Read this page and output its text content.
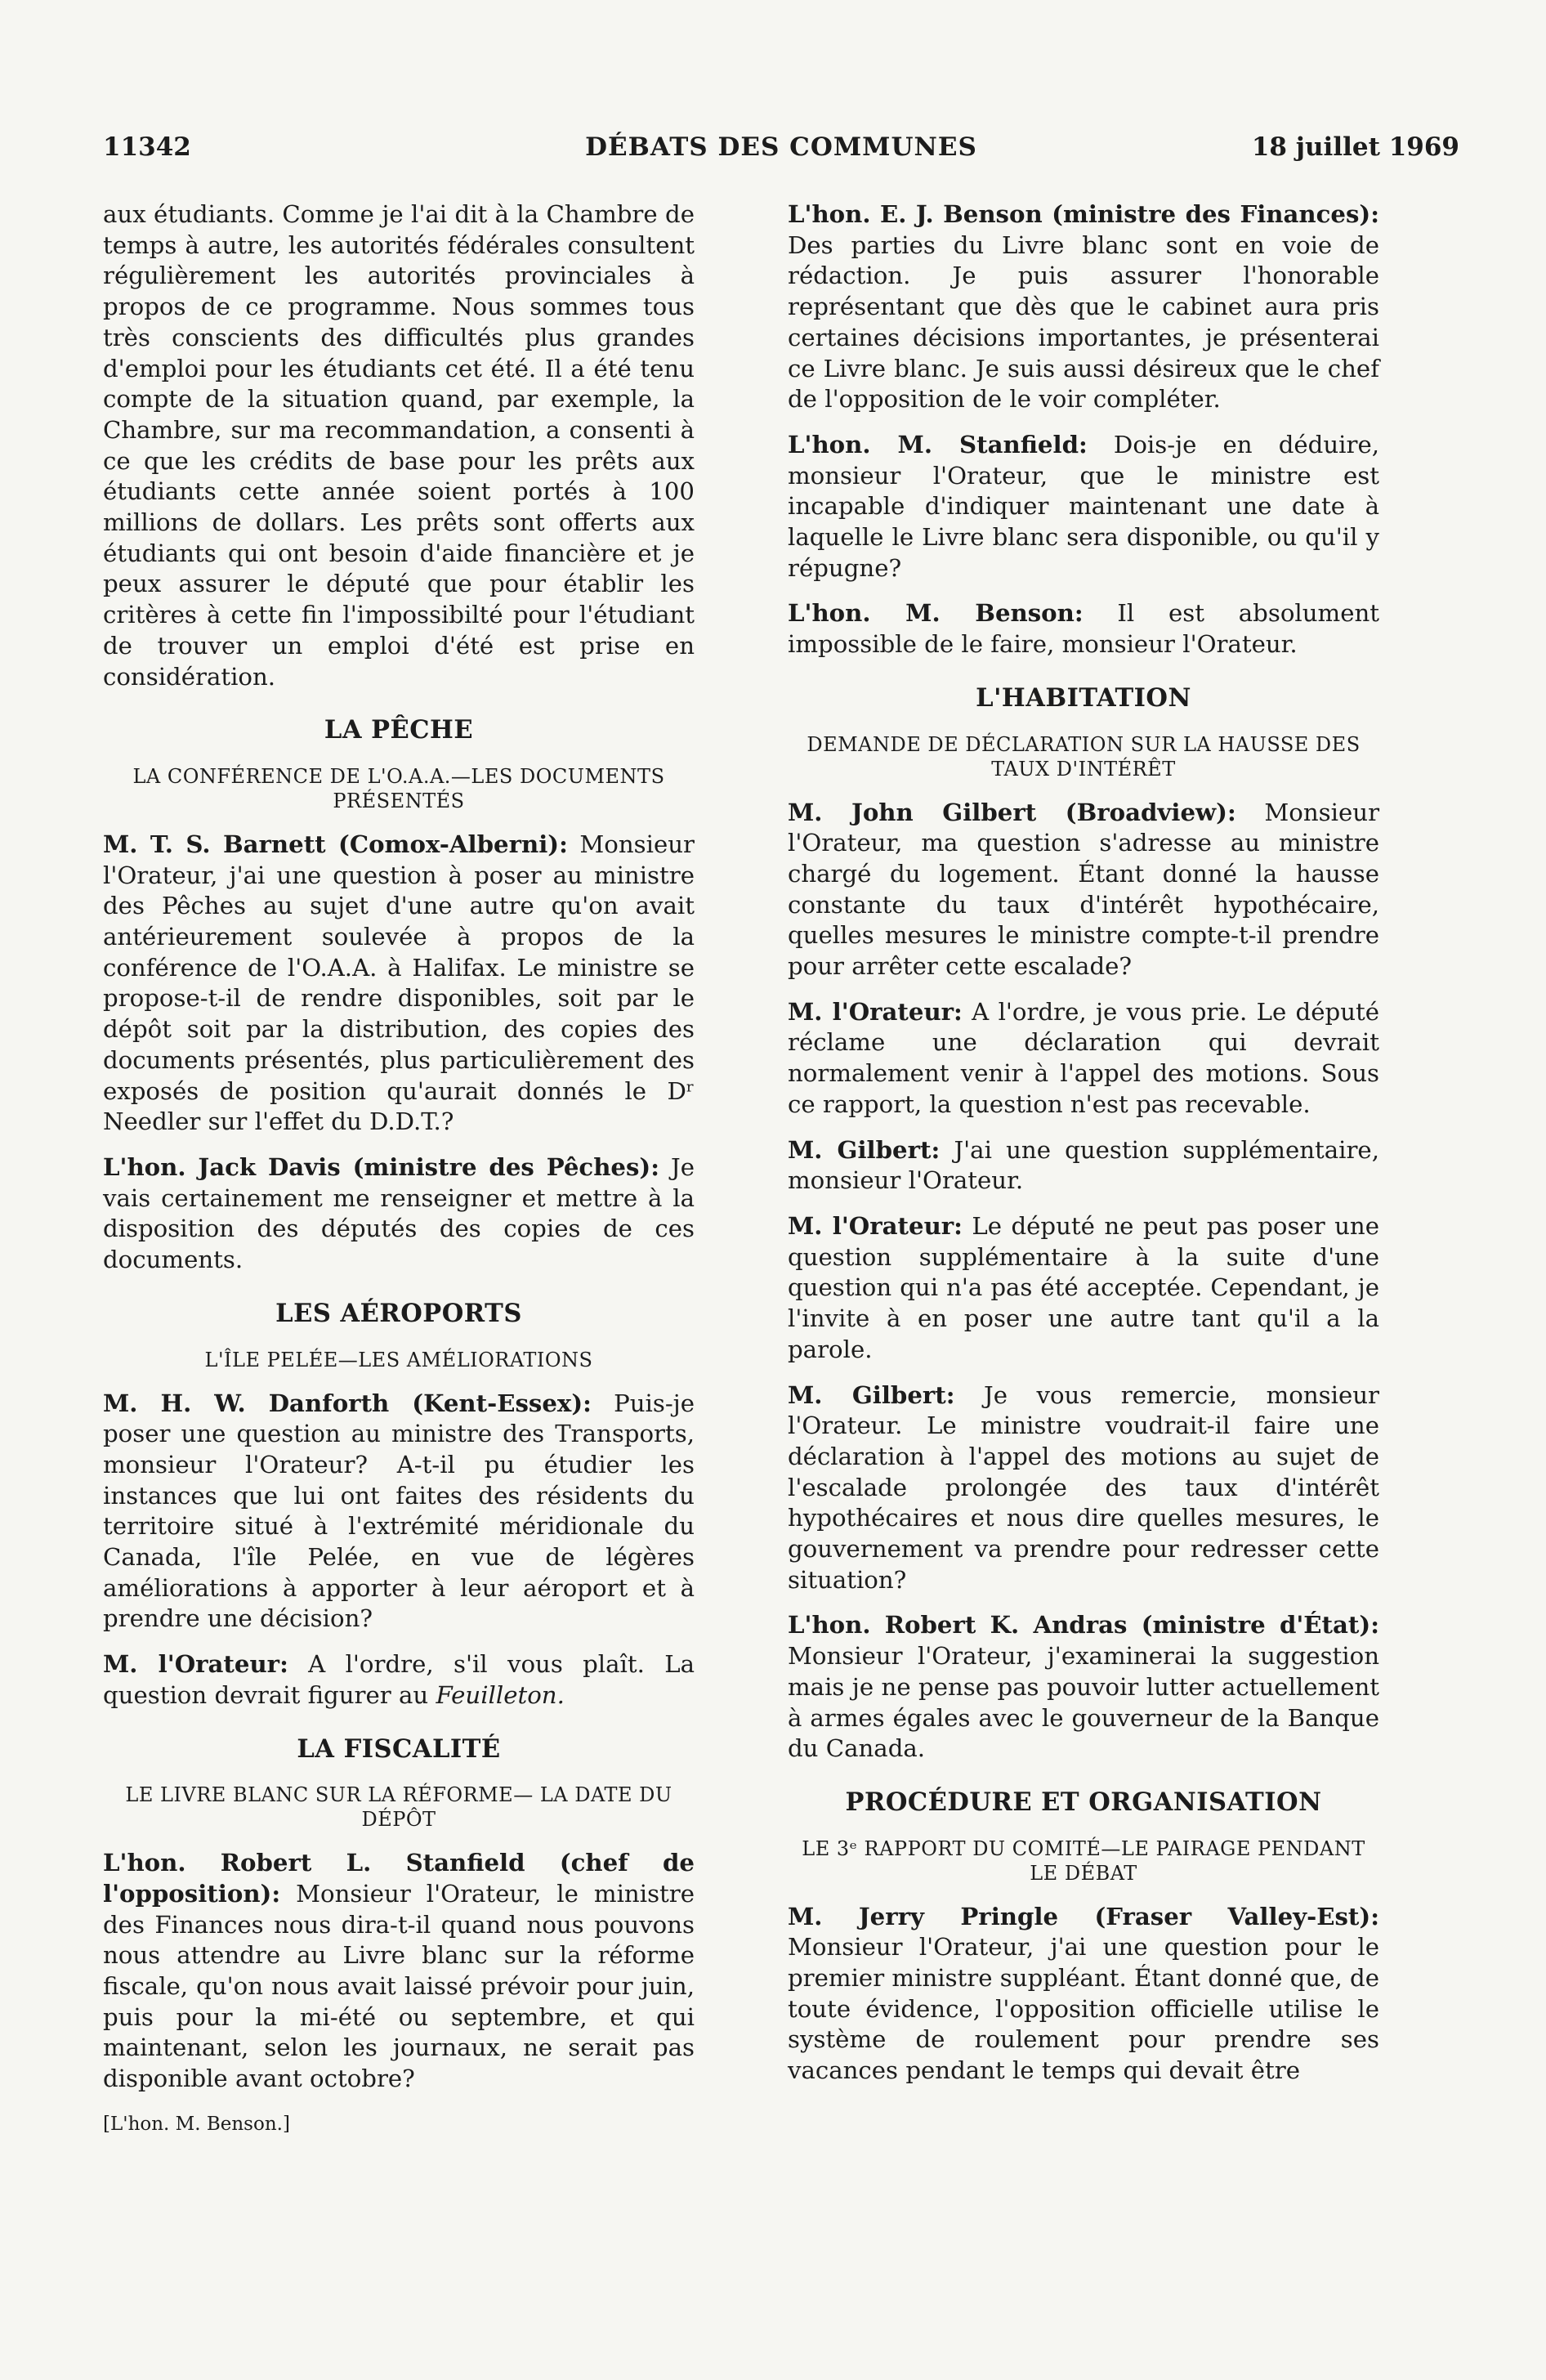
11342	DÉBATS DES COMMUNES	18 juillet 1969

aux étudiants. Comme je l'ai dit à la Chambre de temps à autre, les autorités fédérales consultent régulièrement les autorités provinciales à propos de ce programme. Nous sommes tous très conscients des difficultés plus grandes d'emploi pour les étudiants cet été. Il a été tenu compte de la situation quand, par exemple, la Chambre, sur ma recommandation, a consenti à ce que les crédits de base pour les prêts aux étudiants cette année soient portés à 100 millions de dollars. Les prêts sont offerts aux étudiants qui ont besoin d'aide financière et je peux assurer le député que pour établir les critères à cette fin l'impossibilté pour l'étudiant de trouver un emploi d'été est prise en considération.

LA PÊCHE
LA CONFÉRENCE DE L'O.A.A.—LES DOCUMENTS PRÉSENTÉS

M. T. S. Barnett (Comox-Alberni): Monsieur l'Orateur, j'ai une question à poser au ministre des Pêches au sujet d'une autre qu'on avait antérieurement soulevée à propos de la conférence de l'O.A.A. à Halifax. Le ministre se propose-t-il de rendre disponibles, soit par le dépôt soit par la distribution, des copies des documents présentés, plus particulièrement des exposés de position qu'aurait donnés le Dʳ Needler sur l'effet du D.D.T.?

L'hon. Jack Davis (ministre des Pêches): Je vais certainement me renseigner et mettre à la disposition des députés des copies de ces documents.

LES AÉROPORTS
L'ÎLE PELÉE—LES AMÉLIORATIONS

M. H. W. Danforth (Kent-Essex): Puis-je poser une question au ministre des Transports, monsieur l'Orateur? A-t-il pu étudier les instances que lui ont faites des résidents du territoire situé à l'extrémité méridionale du Canada, l'île Pelée, en vue de légères améliorations à apporter à leur aéroport et à prendre une décision?

M. l'Orateur: A l'ordre, s'il vous plaît. La question devrait figurer au Feuilleton.

LA FISCALITÉ
LE LIVRE BLANC SUR LA RÉFORME— LA DATE DU DÉPÔT

L'hon. Robert L. Stanfield (chef de l'opposition): Monsieur l'Orateur, le ministre des Finances nous dira-t-il quand nous pouvons nous attendre au Livre blanc sur la réforme fiscale, qu'on nous avait laissé prévoir pour juin, puis pour la mi-été ou septembre, et qui maintenant, selon les journaux, ne serait pas disponible avant octobre?

[L'hon. M. Benson.]

L'hon. E. J. Benson (ministre des Finances): Des parties du Livre blanc sont en voie de rédaction. Je puis assurer l'honorable représentant que dès que le cabinet aura pris certaines décisions importantes, je présenterai ce Livre blanc. Je suis aussi désireux que le chef de l'opposition de le voir compléter.

L'hon. M. Stanfield: Dois-je en déduire, monsieur l'Orateur, que le ministre est incapable d'indiquer maintenant une date à laquelle le Livre blanc sera disponible, ou qu'il y répugne?

L'hon. M. Benson: Il est absolument impossible de le faire, monsieur l'Orateur.

L'HABITATION
DEMANDE DE DÉCLARATION SUR LA HAUSSE DES TAUX D'INTÉRÊT

M. John Gilbert (Broadview): Monsieur l'Orateur, ma question s'adresse au ministre chargé du logement. Étant donné la hausse constante du taux d'intérêt hypothécaire, quelles mesures le ministre compte-t-il prendre pour arrêter cette escalade?

M. l'Orateur: A l'ordre, je vous prie. Le député réclame une déclaration qui devrait normalement venir à l'appel des motions. Sous ce rapport, la question n'est pas recevable.

M. Gilbert: J'ai une question supplémentaire, monsieur l'Orateur.

M. l'Orateur: Le député ne peut pas poser une question supplémentaire à la suite d'une question qui n'a pas été acceptée. Cependant, je l'invite à en poser une autre tant qu'il a la parole.

M. Gilbert: Je vous remercie, monsieur l'Orateur. Le ministre voudrait-il faire une déclaration à l'appel des motions au sujet de l'escalade prolongée des taux d'intérêt hypothécaires et nous dire quelles mesures, le gouvernement va prendre pour redresser cette situation?

L'hon. Robert K. Andras (ministre d'État): Monsieur l'Orateur, j'examinerai la suggestion mais je ne pense pas pouvoir lutter actuellement à armes égales avec le gouverneur de la Banque du Canada.

PROCÉDURE ET ORGANISATION
LE 3ᵉ RAPPORT DU COMITÉ—LE PAIRAGE PENDANT LE DÉBAT

M. Jerry Pringle (Fraser Valley-Est): Monsieur l'Orateur, j'ai une question pour le premier ministre suppléant. Étant donné que, de toute évidence, l'opposition officielle utilise le système de roulement pour prendre ses vacances pendant le temps qui devait être
